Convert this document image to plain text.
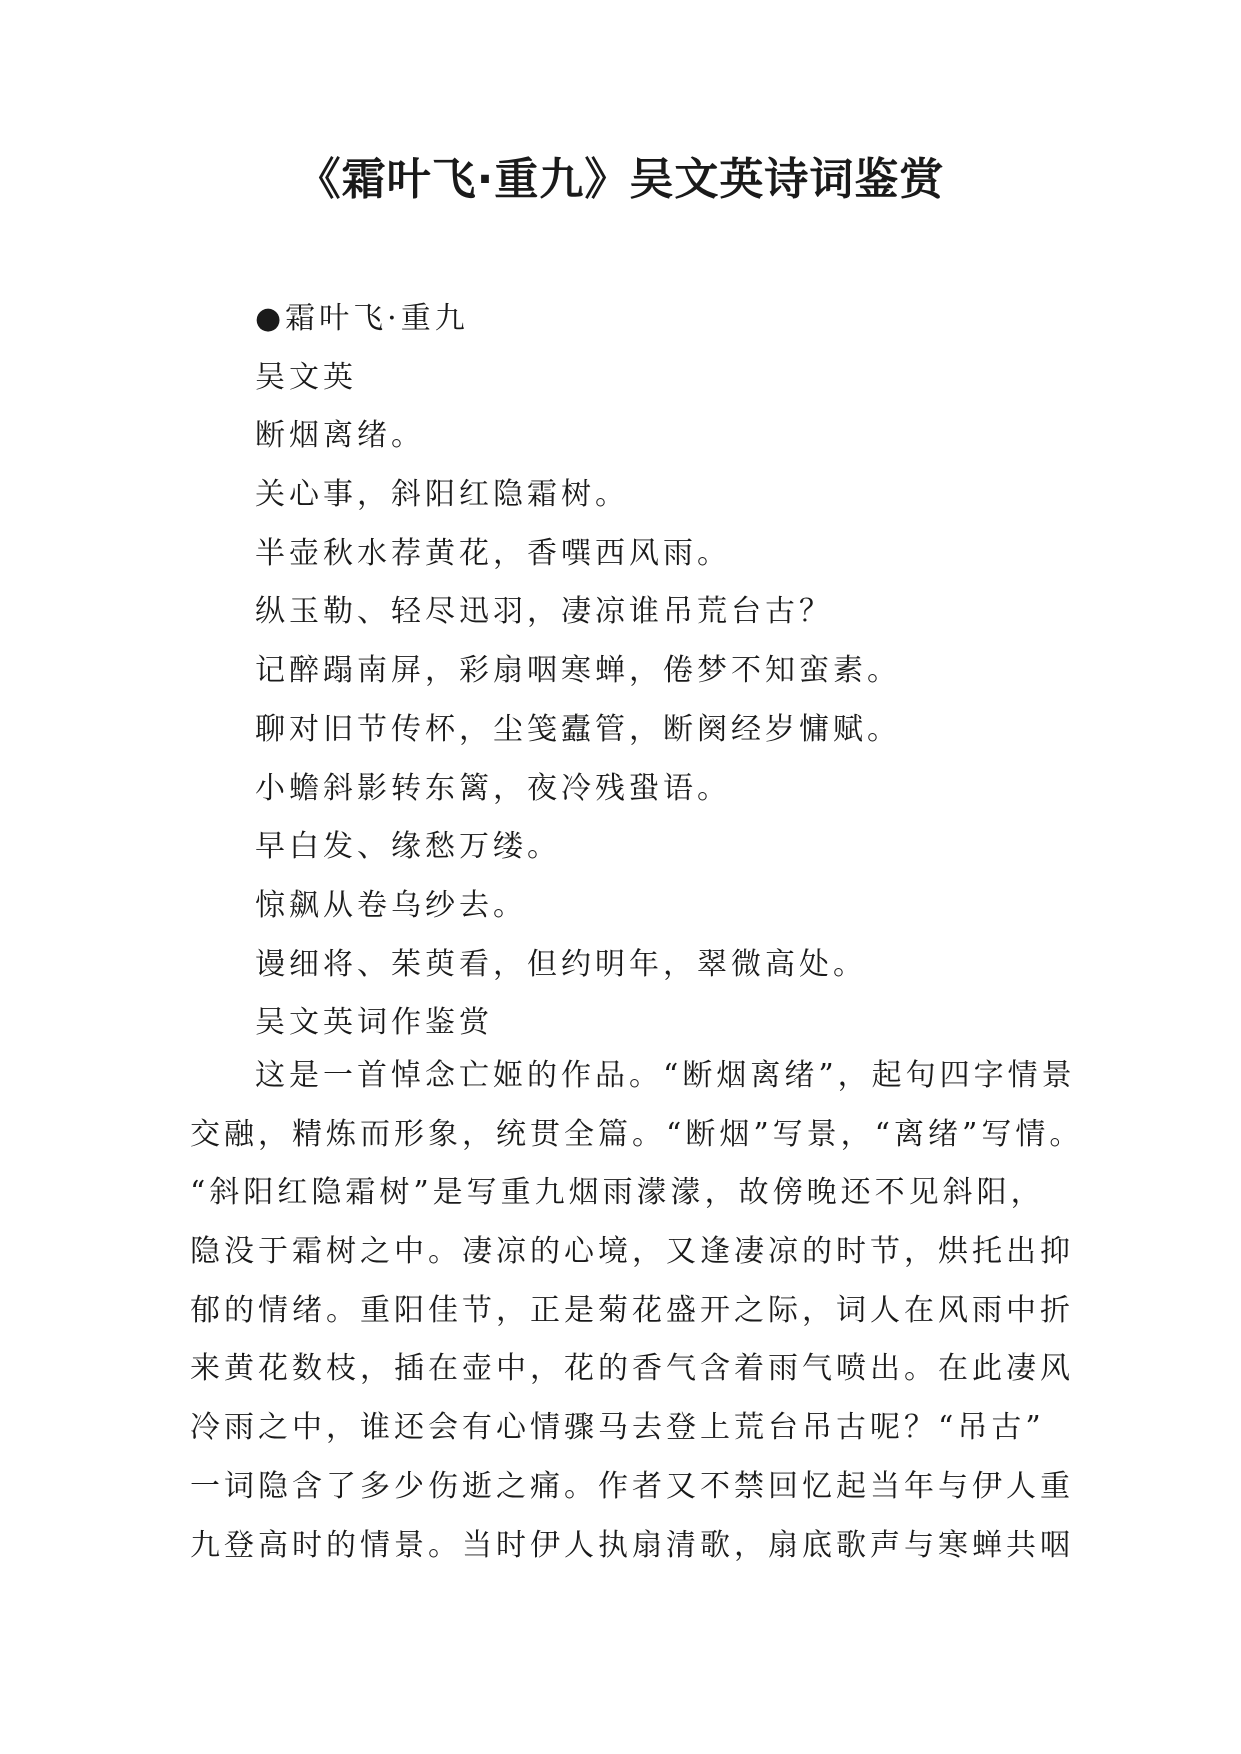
《霜叶飞·重九》吴文英诗词鉴赏
●霜叶飞·重九
吴文英
断烟离绪。
关心事，斜阳红隐霜树。
半壶秋水荐黄花，香噀西风雨。
纵玉勒、轻尽迅羽，凄凉谁吊荒台古？
记醉蹋南屏，彩扇咽寒蝉，倦梦不知蛮素。
聊对旧节传杯，尘笺蠹管，断阕经岁慵赋。
小蟾斜影转东篱，夜冷残蛩语。
早白发、缘愁万缕。
惊飙从卷乌纱去。
谩细将、茱萸看，但约明年，翠微高处。
吴文英词作鉴赏

这是一首悼念亡姬的作品。“断烟离绪”，起句四字情景
交融，精炼而形象，统贯全篇。“断烟”写景，“离绪”写情。
“斜阳红隐霜树”是写重九烟雨濛濛，故傍晚还不见斜阳，
隐没于霜树之中。凄凉的心境，又逢凄凉的时节，烘托出抑
郁的情绪。重阳佳节，正是菊花盛开之际，词人在风雨中折
来黄花数枝，插在壶中，花的香气含着雨气喷出。在此凄风
冷雨之中，谁还会有心情骤马去登上荒台吊古呢？“吊古”
一词隐含了多少伤逝之痛。作者又不禁回忆起当年与伊人重
九登高时的情景。当时伊人执扇清歌，扇底歌声与寒蝉共咽
